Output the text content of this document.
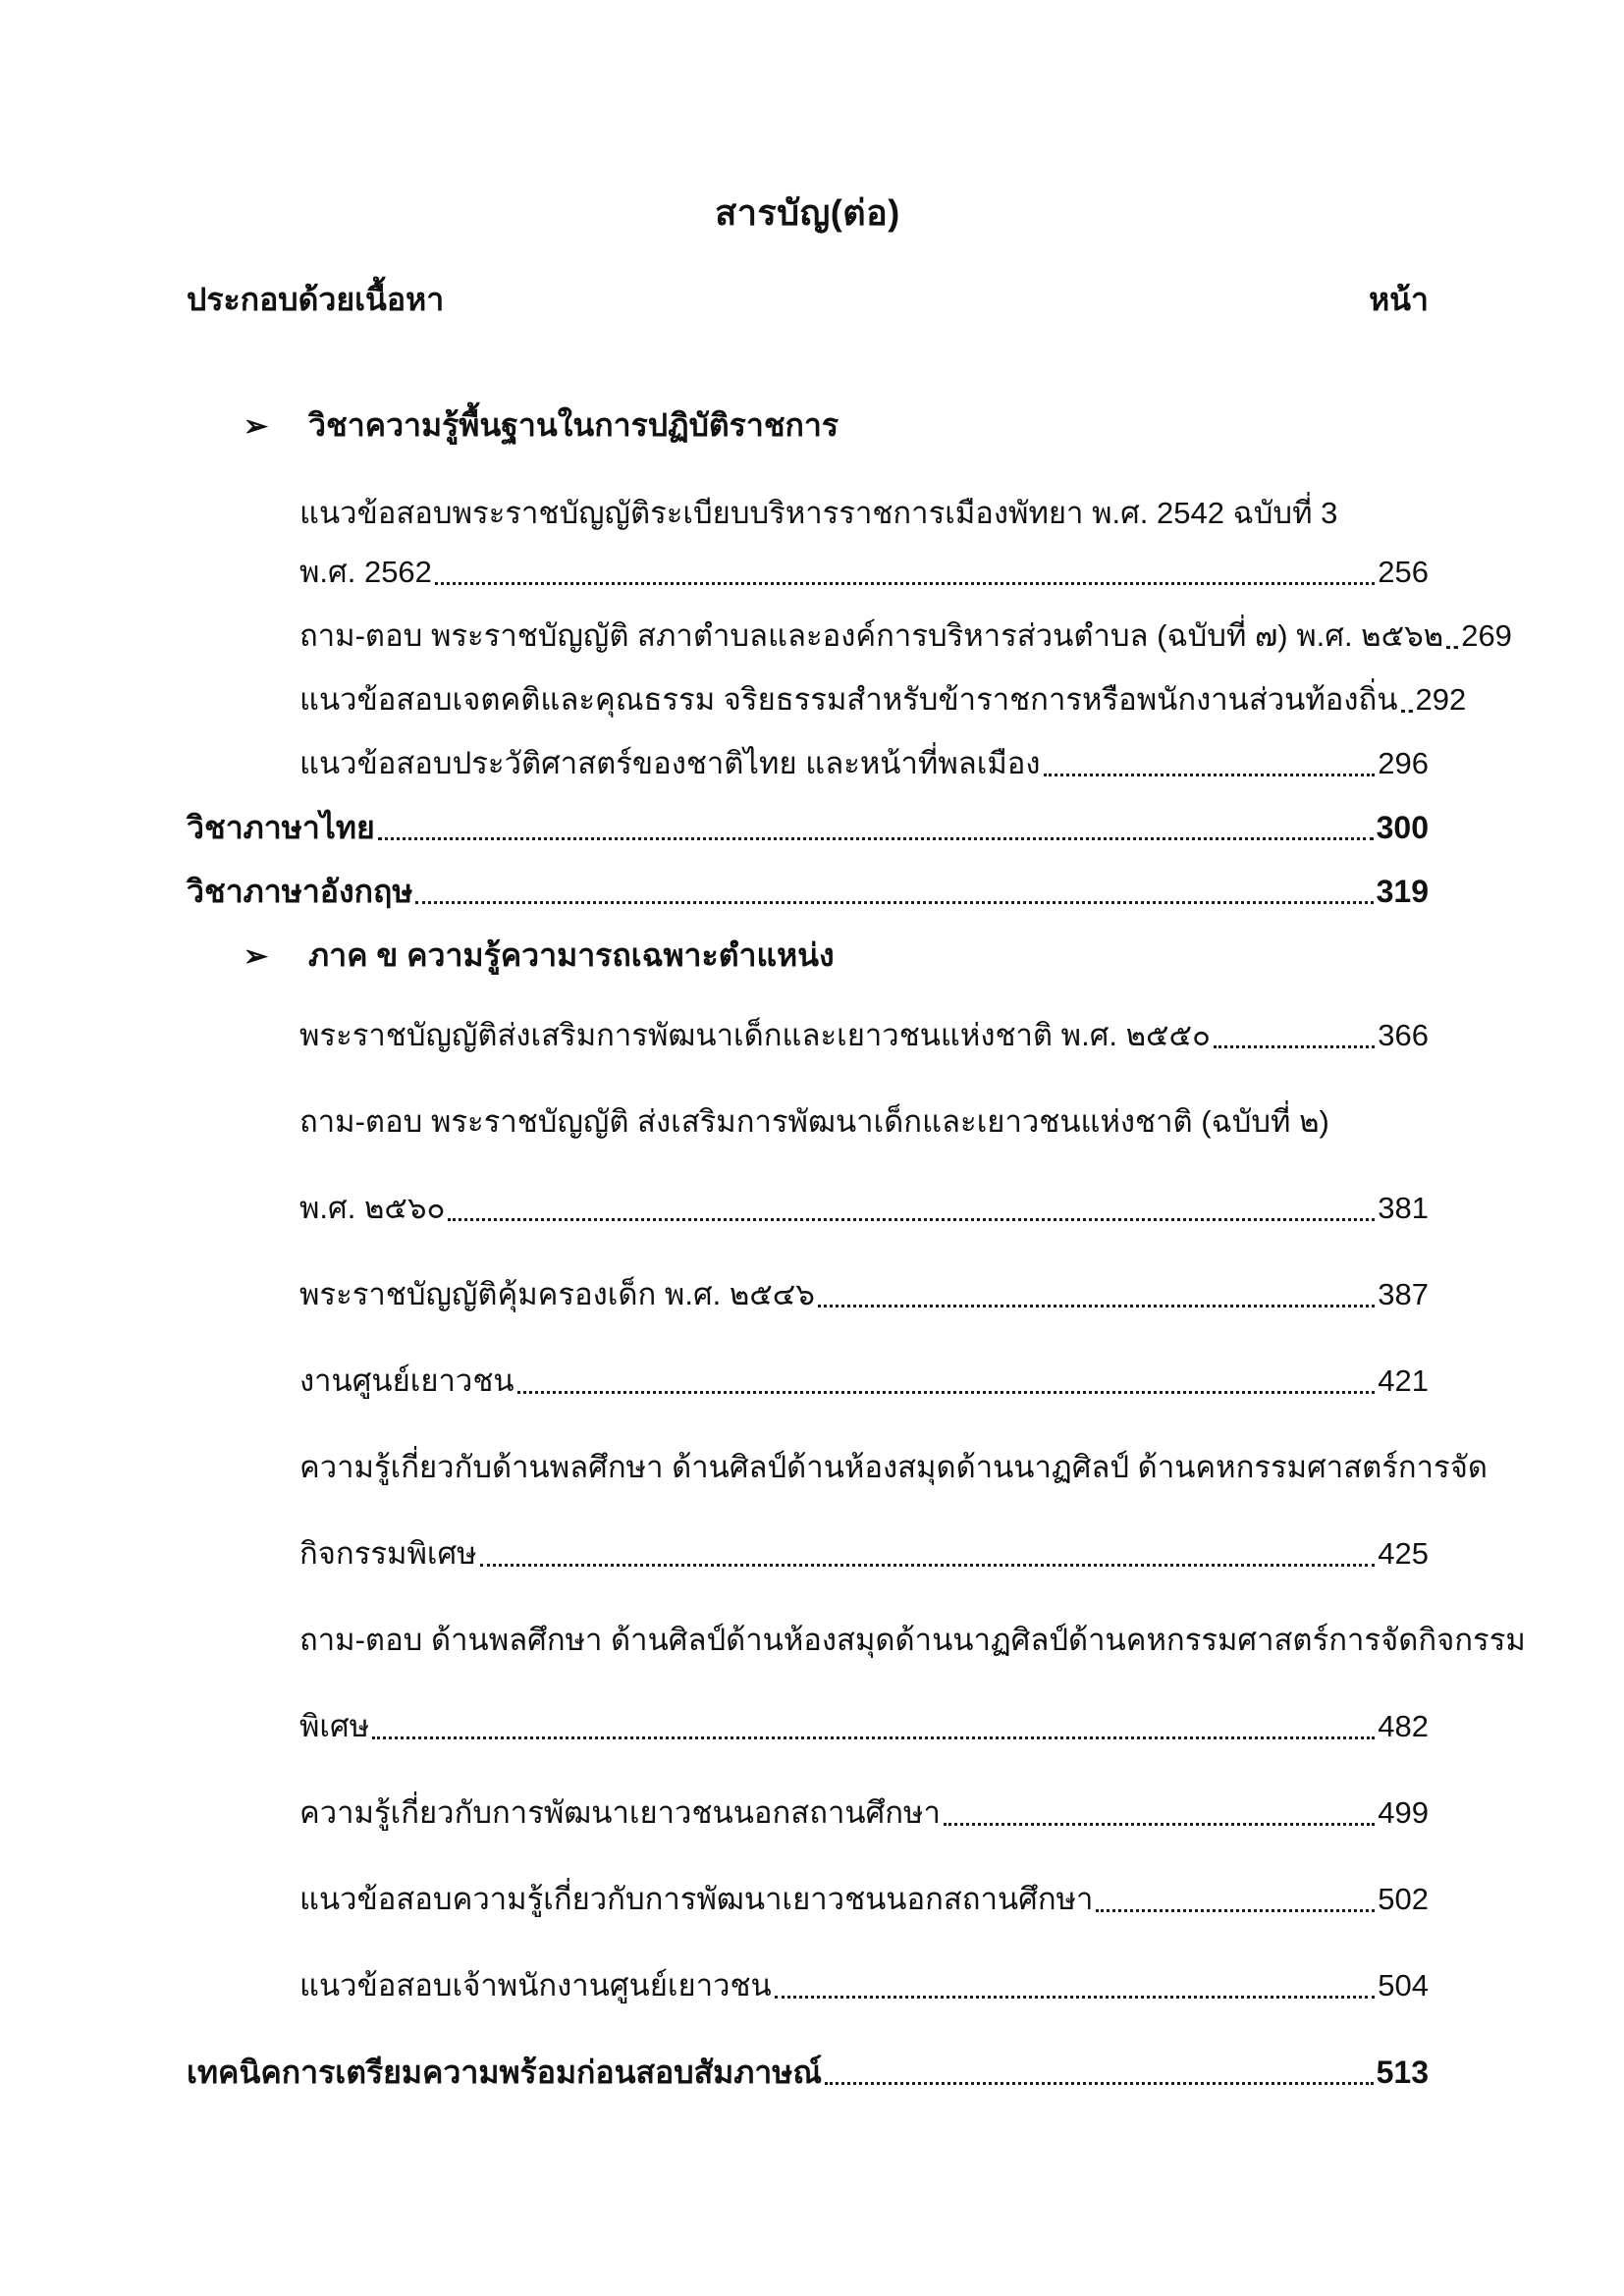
สารบัญ(ต่อ)
ประกอบด้วยเนื้อหา	หน้า
➢	วิชาความรู้พื้นฐานในการปฏิบัติราชการ
แนวข้อสอบพระราชบัญญัติระเบียบบริหารราชการเมืองพัทยา พ.ศ. 2542 ฉบับที่ 3
พ.ศ. 2562	256
ถาม-ตอบ พระราชบัญญัติ สภาตำบลและองค์การบริหารส่วนตำบล (ฉบับที่ ๗) พ.ศ. ๒๕๖๒ 269
แนวข้อสอบเจตคติและคุณธรรม จริยธรรมสำหรับข้าราชการหรือพนักงานส่วนท้องถิ่น 292
แนวข้อสอบประวัติศาสตร์ของชาติไทย และหน้าที่พลเมือง	296
วิชาภาษาไทย	300
วิชาภาษาอังกฤษ	319
➢	ภาค ข ความรู้ความารถเฉพาะตำแหน่ง
พระราชบัญญัติส่งเสริมการพัฒนาเด็กและเยาวชนแห่งชาติ พ.ศ. ๒๕๕๐	366
ถาม-ตอบ พระราชบัญญัติ ส่งเสริมการพัฒนาเด็กและเยาวชนแห่งชาติ (ฉบับที่ ๒)
พ.ศ. ๒๕๖๐	381
พระราชบัญญัติคุ้มครองเด็ก พ.ศ. ๒๕๔๖	387
งานศูนย์เยาวชน	421
ความรู้เกี่ยวกับด้านพลศึกษา ด้านศิลป์ด้านห้องสมุดด้านนาฏศิลป์ ด้านคหกรรมศาสตร์การจัด
กิจกรรมพิเศษ	425
ถาม-ตอบ ด้านพลศึกษา ด้านศิลป์ด้านห้องสมุดด้านนาฏศิลป์ด้านคหกรรมศาสตร์การจัดกิจกรรม
พิเศษ	482
ความรู้เกี่ยวกับการพัฒนาเยาวชนนอกสถานศึกษา	499
แนวข้อสอบความรู้เกี่ยวกับการพัฒนาเยาวชนนอกสถานศึกษา	502
แนวข้อสอบเจ้าพนักงานศูนย์เยาวชน	504
เทคนิคการเตรียมความพร้อมก่อนสอบสัมภาษณ์	513
